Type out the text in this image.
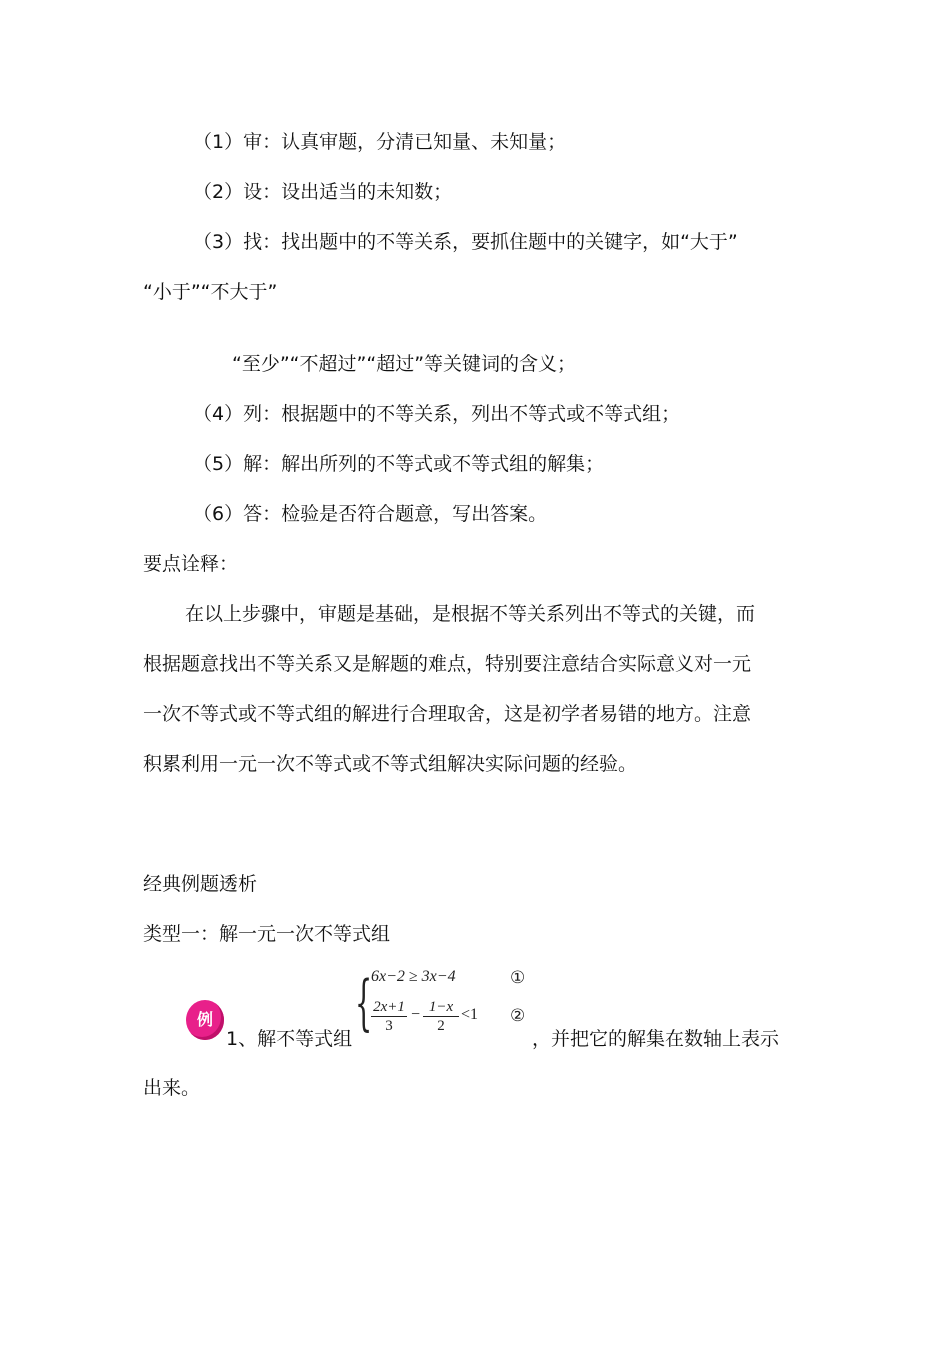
（1）审：认真审题，分清已知量、未知量；
（2）设：设出适当的未知数；
（3）找：找出题中的不等关系，要抓住题中的关键字，如“大于”
“小于”“不大于”
“至少”“不超过”“超过”等关键词的含义；
（4）列：根据题中的不等关系，列出不等式或不等式组；
（5）解：解出所列的不等式或不等式组的解集；
（6）答：检验是否符合题意，写出答案。
要点诠释：
在以上步骤中，审题是基础，是根据不等关系列出不等式的关键，而
根据题意找出不等关系又是解题的难点，特别要注意结合实际意义对一元
一次不等式或不等式组的解进行合理取舍，这是初学者易错的地方。注意
积累利用一元一次不等式或不等式组解决实际问题的经验。
经典例题透析
类型一：解一元一次不等式组
例
1、解不等式组
{
6x−2 ≥ 3x−4	①
$\frac{2x+1}{3} - \frac{1-x}{2} <1$ ②
，并把它的解集在数轴上表示
出来。
